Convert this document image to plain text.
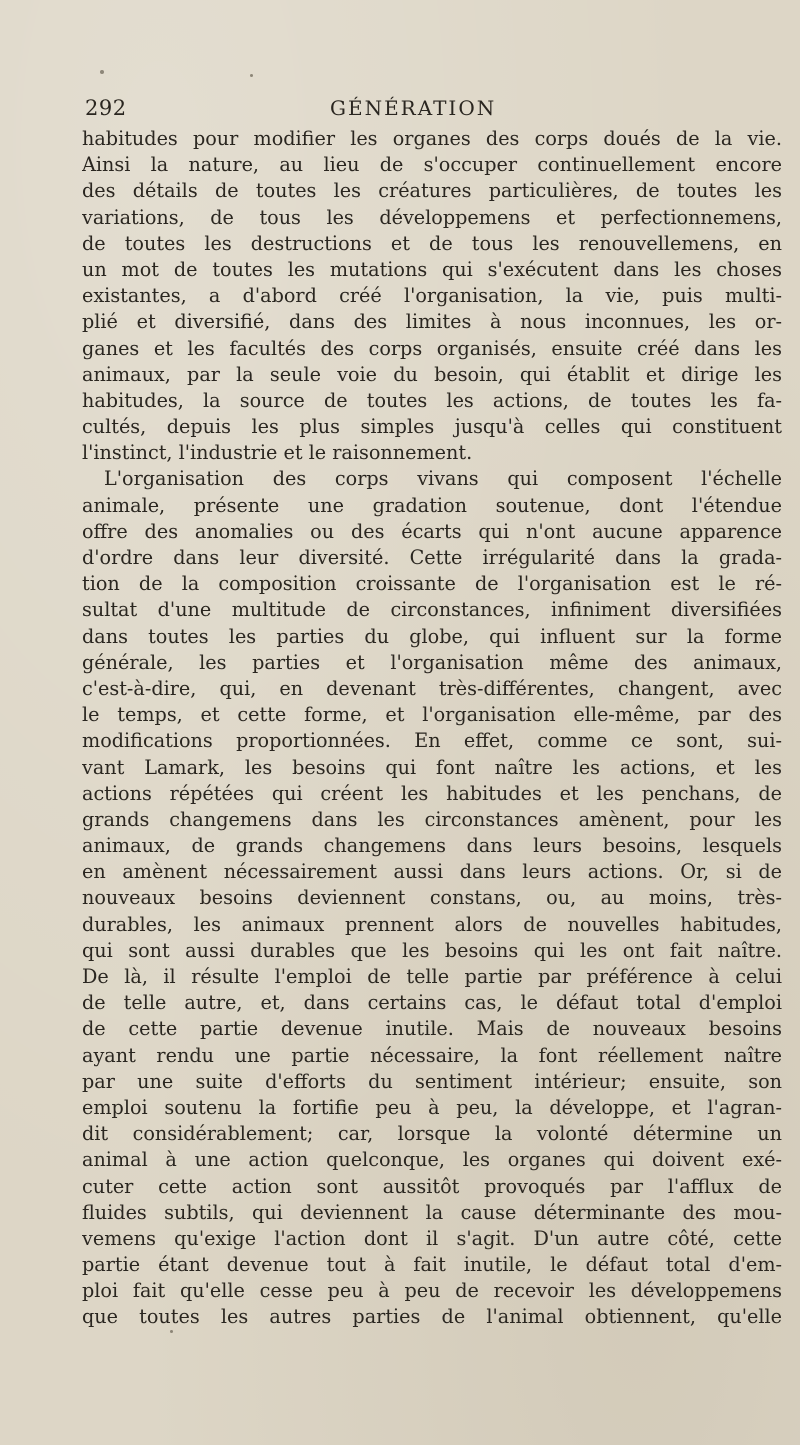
292	GÉNÉRATION
habitudes pour modifier les organes des corps doués de la vie.
Ainsi la nature, au lieu de s'occuper continuellement encore
des détails de toutes les créatures particulières, de toutes les
variations, de tous les développemens et perfectionnemens,
de toutes les destructions et de tous les renouvellemens, en
un mot de toutes les mutations qui s'exécutent dans les choses
existantes, a d'abord créé l'organisation, la vie, puis multi-
plié et diversifié, dans des limites à nous inconnues, les or-
ganes et les facultés des corps organisés, ensuite créé dans les
animaux, par la seule voie du besoin, qui établit et dirige les
habitudes, la source de toutes les actions, de toutes les fa-
cultés, depuis les plus simples jusqu'à celles qui constituent
l'instinct, l'industrie et le raisonnement.
L'organisation des corps vivans qui composent l'échelle
animale, présente une gradation soutenue, dont l'étendue
offre des anomalies ou des écarts qui n'ont aucune apparence
d'ordre dans leur diversité. Cette irrégularité dans la grada-
tion de la composition croissante de l'organisation est le ré-
sultat d'une multitude de circonstances, infiniment diversifiées
dans toutes les parties du globe, qui influent sur la forme
générale, les parties et l'organisation même des animaux,
c'est-à-dire, qui, en devenant très-différentes, changent, avec
le temps, et cette forme, et l'organisation elle-même, par des
modifications proportionnées. En effet, comme ce sont, sui-
vant Lamark, les besoins qui font naître les actions, et les
actions répétées qui créent les habitudes et les penchans, de
grands changemens dans les circonstances amènent, pour les
animaux, de grands changemens dans leurs besoins, lesquels
en amènent nécessairement aussi dans leurs actions. Or, si de
nouveaux besoins deviennent constans, ou, au moins, très-
durables, les animaux prennent alors de nouvelles habitudes,
qui sont aussi durables que les besoins qui les ont fait naître.
De là, il résulte l'emploi de telle partie par préférence à celui
de telle autre, et, dans certains cas, le défaut total d'emploi
de cette partie devenue inutile. Mais de nouveaux besoins
ayant rendu une partie nécessaire, la font réellement naître
par une suite d'efforts du sentiment intérieur; ensuite, son
emploi soutenu la fortifie peu à peu, la développe, et l'agran-
dit considérablement; car, lorsque la volonté détermine un
animal à une action quelconque, les organes qui doivent exé-
cuter cette action sont aussitôt provoqués par l'afflux de
fluides subtils, qui deviennent la cause déterminante des mou-
vemens qu'exige l'action dont il s'agit. D'un autre côté, cette
partie étant devenue tout à fait inutile, le défaut total d'em-
ploi fait qu'elle cesse peu à peu de recevoir les développemens
que toutes les autres parties de l'animal obtiennent, qu'elle
